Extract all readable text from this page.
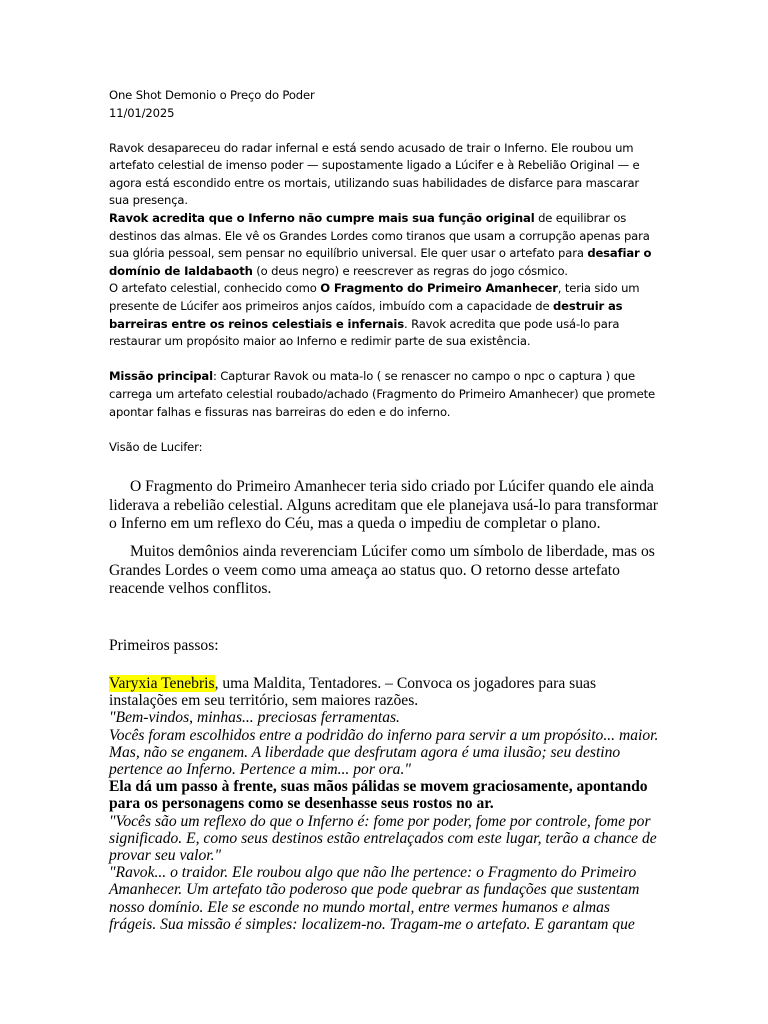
One Shot Demonio o Preço do Poder

11/01/2025

Ravok desapareceu do radar infernal e está sendo acusado de trair o Inferno. Ele roubou um artefato celestial de imenso poder — supostamente ligado a Lúcifer e à Rebelião Original — e agora está escondido entre os mortais, utilizando suas habilidades de disfarce para mascarar sua presença.

Ravok acredita que o Inferno não cumpre mais sua função original de equilibrar os destinos das almas. Ele vê os Grandes Lordes como tiranos que usam a corrupção apenas para sua glória pessoal, sem pensar no equilíbrio universal. Ele quer usar o artefato para desafiar o domínio de Ialdabaoth (o deus negro) e reescrever as regras do jogo cósmico.

O artefato celestial, conhecido como O Fragmento do Primeiro Amanhecer, teria sido um presente de Lúcifer aos primeiros anjos caídos, imbuído com a capacidade de destruir as barreiras entre os reinos celestiais e infernais. Ravok acredita que pode usá-lo para restaurar um propósito maior ao Inferno e redimir parte de sua existência.

Missão principal: Capturar Ravok ou mata-lo ( se renascer no campo o npc o captura ) que carrega um artefato celestial roubado/achado (Fragmento do Primeiro Amanhecer) que promete apontar falhas e fissuras nas barreiras do eden e do inferno.

Visão de Lucifer:

O Fragmento do Primeiro Amanhecer teria sido criado por Lúcifer quando ele ainda liderava a rebelião celestial. Alguns acreditam que ele planejava usá-lo para transformar o Inferno em um reflexo do Céu, mas a queda o impediu de completar o plano.

Muitos demônios ainda reverenciam Lúcifer como um símbolo de liberdade, mas os Grandes Lordes o veem como uma ameaça ao status quo. O retorno desse artefato reacende velhos conflitos.

Primeiros passos:

Varyxia Tenebris, uma Maldita, Tentadores. – Convoca os jogadores para suas instalações em seu território, sem maiores razões.

"Bem-vindos, minhas... preciosas ferramentas.

Vocês foram escolhidos entre a podridão do inferno para servir a um propósito... maior. Mas, não se enganem. A liberdade que desfrutam agora é uma ilusão; seu destino pertence ao Inferno. Pertence a mim... por ora."

Ela dá um passo à frente, suas mãos pálidas se movem graciosamente, apontando para os personagens como se desenhasse seus rostos no ar.

"Vocês são um reflexo do que o Inferno é: fome por poder, fome por controle, fome por significado. E, como seus destinos estão entrelaçados com este lugar, terão a chance de provar seu valor."

"Ravok... o traidor. Ele roubou algo que não lhe pertence: o Fragmento do Primeiro Amanhecer. Um artefato tão poderoso que pode quebrar as fundações que sustentam nosso domínio. Ele se esconde no mundo mortal, entre vermes humanos e almas frágeis. Sua missão é simples: localizem-no. Tragam-me o artefato. E garantam que
